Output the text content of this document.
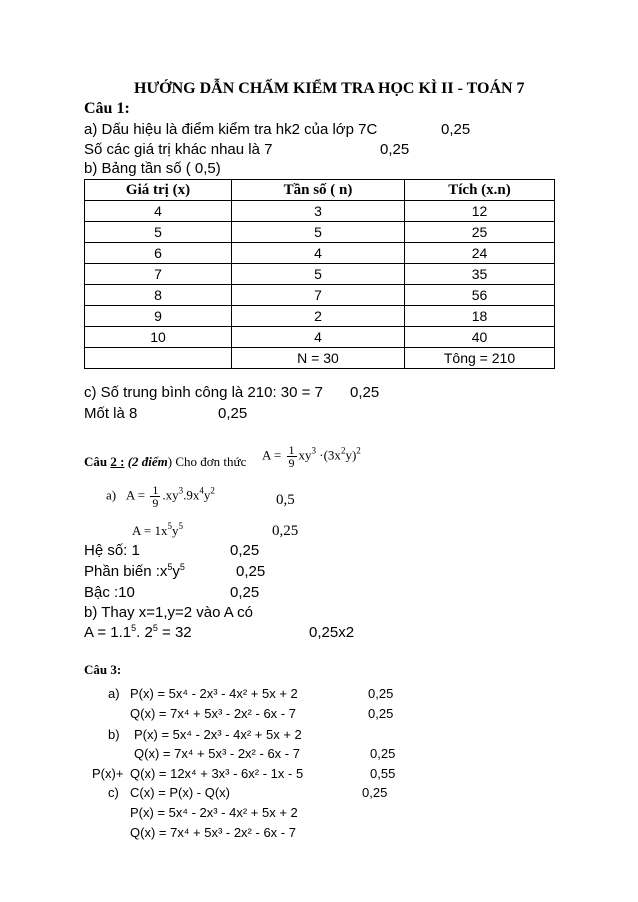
HƯỚNG DẪN CHẤM KIỂM TRA HỌC KÌ II - TOÁN 7
Câu 1:
a) Dấu hiệu là điểm kiểm tra hk2 của lớp 7C	0,25
Số các giá trị khác nhau là 7	0,25
b) Bảng tần số ( 0,5)
Giá trị (x)	Tần số ( n)	Tích (x.n)
4	3	12
5	5	25
6	4	24
7	5	35
8	7	56
9	2	18
10	4	40
	N = 30	Tông = 210
c) Số trung bình công là 210: 30 = 7 0,25
Mốt là 8	0,25
Câu 2 : (2 điểm) Cho đơn thức $A = \frac{1}{9} xy^3 \cdot(3x^2y)^2$
a)   $A = \frac{1}{9} .xy^3.9x^4y^2$
0,5
$A = 1x^5y^5$	0,25
Hệ số: 1	0,25
Phần biến $:x^5y^5$	0,25
Bậc :10	0,25
b) Thay x=1,y=2 vào A có
$A = 1.1^5$. $2^5 = 32$	0,25x2
Câu 3:
a) P(x) = 5x⁴ - 2x³ - 4x² + 5x + 2	0,25
Q(x) = 7x⁴ + 5x³ - 2x² - 6x - 7	0,25
b) P(x) = 5x⁴ - 2x³ - 4x² + 5x + 2
Q(x) = 7x⁴ + 5x³ - 2x² - 6x - 7	0,25
P(x)+ Q(x) = 12x⁴ + 3x³ - 6x² - 1x - 5	0,55
c) C(x) = P(x) - Q(x)	0,25
P(x) = 5x⁴ - 2x³ - 4x² + 5x + 2
Q(x) = 7x⁴ + 5x³ - 2x² - 6x - 7
